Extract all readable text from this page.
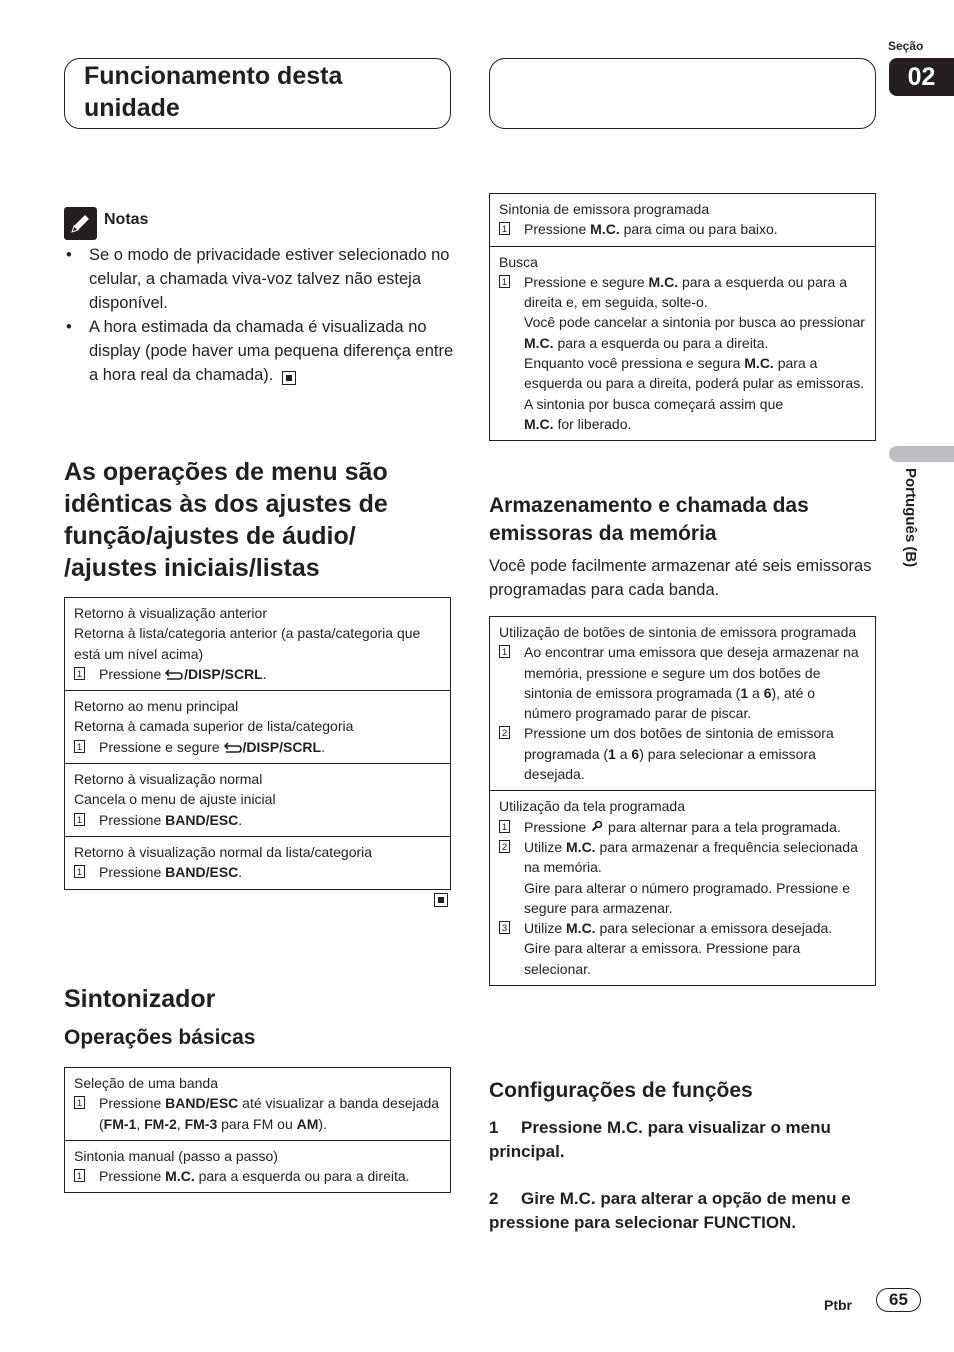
Funcionamento desta unidade
Seção
02
Português (B)
Notas
• Se o modo de privacidade estiver selecionado no celular, a chamada viva-voz talvez não esteja disponível.
• A hora estimada da chamada é visualizada no display (pode haver uma pequena diferença entre a hora real da chamada).
As operações de menu são idênticas às dos ajustes de função/ajustes de áudio/ /ajustes iniciais/listas
Retorno à visualização anterior
Retorna à lista/categoria anterior (a pasta/categoria que está um nível acima)
1 Pressione /DISP/SCRL.
Retorno ao menu principal
Retorna à camada superior de lista/categoria
1 Pressione e segure /DISP/SCRL.
Retorno à visualização normal
Cancela o menu de ajuste inicial
1 Pressione BAND/ESC.
Retorno à visualização normal da lista/categoria
1 Pressione BAND/ESC.
Sintonizador
Operações básicas
Seleção de uma banda
1 Pressione BAND/ESC até visualizar a banda desejada (FM-1, FM-2, FM-3 para FM ou AM).
Sintonia manual (passo a passo)
1 Pressione M.C. para a esquerda ou para a direita.
Sintonia de emissora programada
1 Pressione M.C. para cima ou para baixo.
Busca
1 Pressione e segure M.C. para a esquerda ou para a direita e, em seguida, solte-o.
Você pode cancelar a sintonia por busca ao pressionar M.C. para a esquerda ou para a direita.
Enquanto você pressiona e segura M.C. para a esquerda ou para a direita, poderá pular as emissoras. A sintonia por busca começará assim que
M.C. for liberado.
Armazenamento e chamada das emissoras da memória
Você pode facilmente armazenar até seis emissoras programadas para cada banda.
Utilização de botões de sintonia de emissora programada
1 Ao encontrar uma emissora que deseja armazenar na memória, pressione e segure um dos botões de sintonia de emissora programada (1 a 6), até o número programado parar de piscar.
2 Pressione um dos botões de sintonia de emissora programada (1 a 6) para selecionar a emissora desejada.
Utilização da tela programada
1 Pressione para alternar para a tela programada.
2 Utilize M.C. para armazenar a frequência selecionada na memória.
Gire para alterar o número programado. Pressione e segure para armazenar.
3 Utilize M.C. para selecionar a emissora desejada.
Gire para alterar a emissora. Pressione para selecionar.
Configurações de funções
1 Pressione M.C. para visualizar o menu principal.
2 Gire M.C. para alterar a opção de menu e pressione para selecionar FUNCTION.
Ptbr	65
